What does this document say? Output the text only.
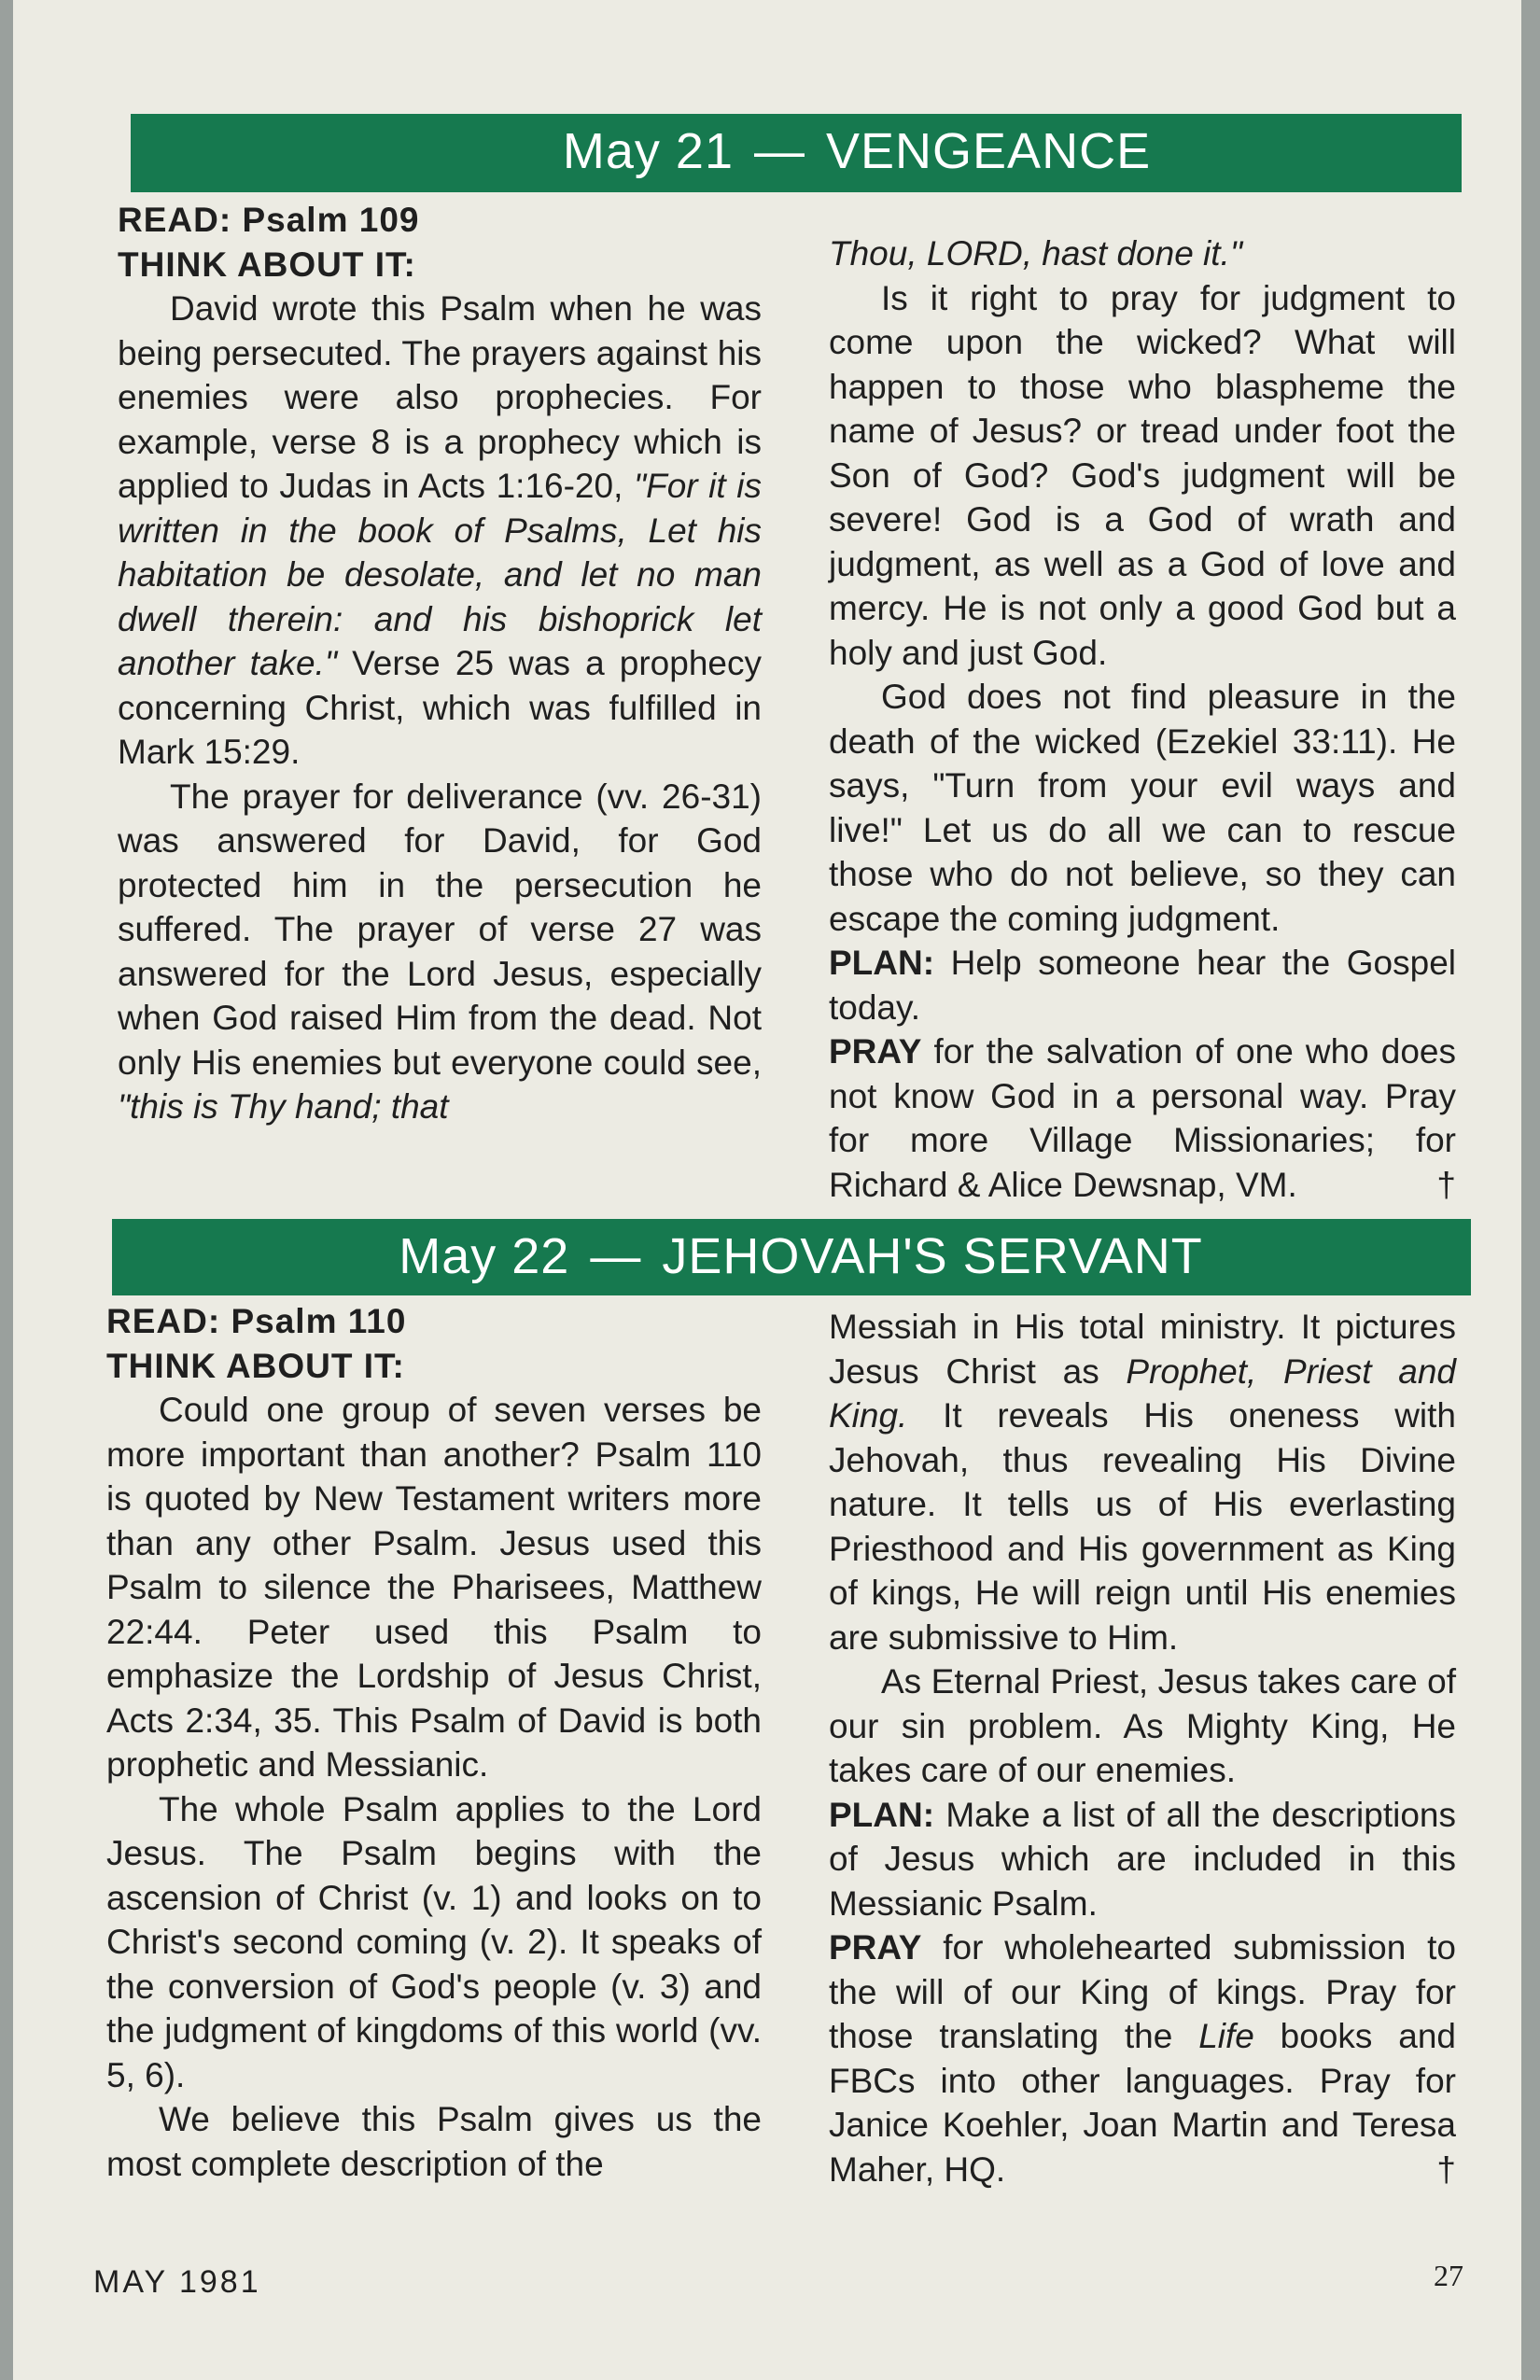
May 21 — VENGEANCE

READ: Psalm 109

THINK ABOUT IT:

David wrote this Psalm when he was being persecuted. The prayers against his enemies were also prophecies. For example, verse 8 is a prophecy which is applied to Judas in Acts 1:16-20, "For it is written in the book of Psalms, Let his habitation be desolate, and let no man dwell therein: and his bishoprick let another take." Verse 25 was a prophecy concerning Christ, which was fulfilled in Mark 15:29.

The prayer for deliverance (vv. 26-31) was answered for David, for God protected him in the persecution he suffered. The prayer of verse 27 was answered for the Lord Jesus, especially when God raised Him from the dead. Not only His enemies but everyone could see, "this is Thy hand; that

Thou, LORD, hast done it."

Is it right to pray for judgment to come upon the wicked? What will happen to those who blaspheme the name of Jesus? or tread under foot the Son of God? God's judgment will be severe! God is a God of wrath and judgment, as well as a God of love and mercy. He is not only a good God but a holy and just God.

God does not find pleasure in the death of the wicked (Ezekiel 33:11). He says, "Turn from your evil ways and live!" Let us do all we can to rescue those who do not believe, so they can escape the coming judgment.

PLAN: Help someone hear the Gospel today.

PRAY for the salvation of one who does not know God in a personal way. Pray for more Village Missionaries; for Richard & Alice Dewsnap, VM.	†

May 22 — JEHOVAH'S SERVANT

READ: Psalm 110

THINK ABOUT IT:

Could one group of seven verses be more important than another? Psalm 110 is quoted by New Testament writers more than any other Psalm. Jesus used this Psalm to silence the Pharisees, Matthew 22:44. Peter used this Psalm to emphasize the Lordship of Jesus Christ, Acts 2:34, 35. This Psalm of David is both prophetic and Messianic.

The whole Psalm applies to the Lord Jesus. The Psalm begins with the ascension of Christ (v. 1) and looks on to Christ's second coming (v. 2). It speaks of the conversion of God's people (v. 3) and the judgment of kingdoms of this world (vv. 5, 6).

We believe this Psalm gives us the most complete description of the

Messiah in His total ministry. It pictures Jesus Christ as Prophet, Priest and King. It reveals His oneness with Jehovah, thus revealing His Divine nature. It tells us of His everlasting Priesthood and His government as King of kings, He will reign until His enemies are submissive to Him.

As Eternal Priest, Jesus takes care of our sin problem. As Mighty King, He takes care of our enemies.

PLAN: Make a list of all the descriptions of Jesus which are included in this Messianic Psalm.

PRAY for wholehearted submission to the will of our King of kings. Pray for those translating the Life books and FBCs into other languages. Pray for Janice Koehler, Joan Martin and Teresa Maher, HQ.	†

MAY 1981	27
